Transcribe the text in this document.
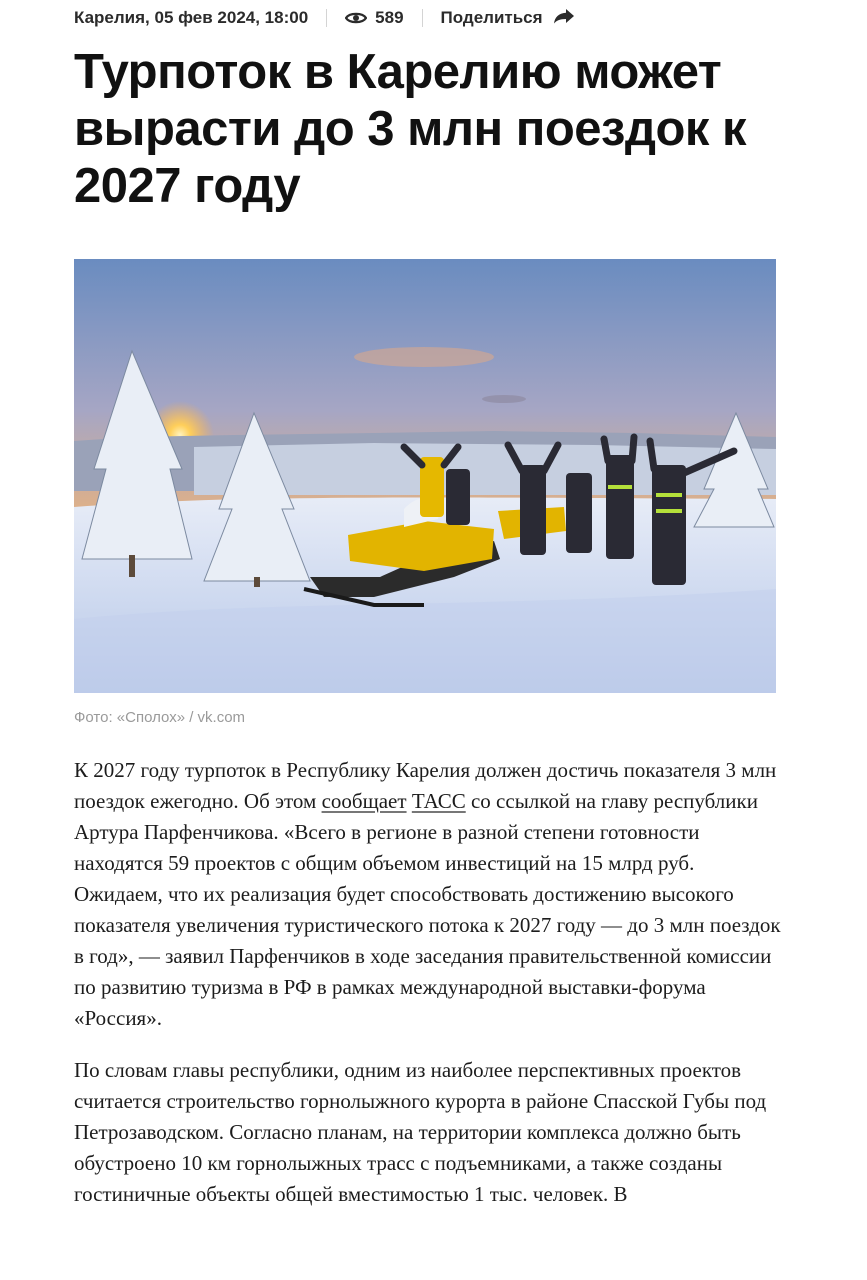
Карелия, 05 фев 2024, 18:00	589 Поделиться
Турпоток в Карелию может вырасти до 3 млн поездок к 2027 году
Фото: «Сполох» / vk.com

К 2027 году турпоток в Республику Карелия должен достичь показателя 3 млн поездок ежегодно. Об этом сообщает ТАСС со ссылкой на главу республики Артура Парфенчикова. «Всего в регионе в разной степени готовности находятся 59 проектов с общим объемом инвестиций на 15 млрд руб. Ожидаем, что их реализация будет способствовать достижению высокого показателя увеличения туристического потока к 2027 году — до 3 млн поездок в год», — заявил Парфенчиков в ходе заседания правительственной комиссии по развитию туризма в РФ в рамках международной выставки-форума «Россия».

По словам главы республики, одним из наиболее перспективных проектов считается строительство горнолыжного курорта в районе Спасской Губы под Петрозаводском. Согласно планам, на территории комплекса должно быть обустроено 10 км горнолыжных трасс с подъемниками, а также созданы гостиничные объекты общей вместимостью 1 тыс. человек. В
